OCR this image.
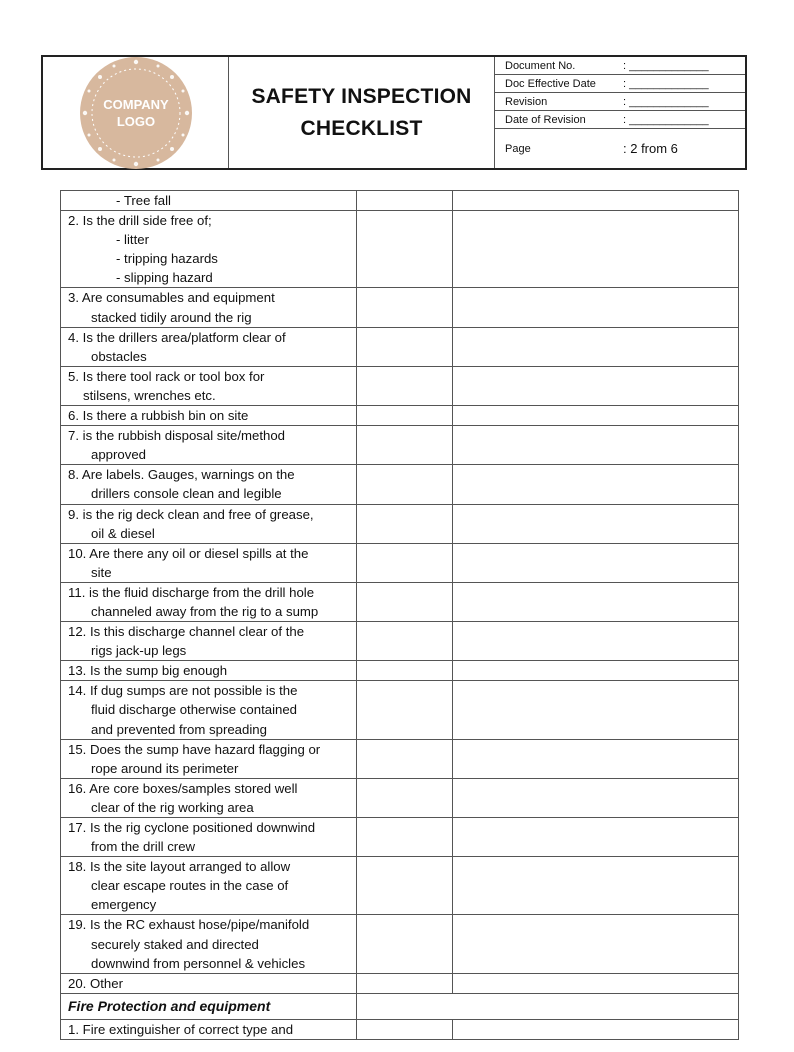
COMPANY
LOGO
SAFETY INSPECTION
CHECKLIST
Document No.	: _____________
Doc Effective Date	: _____________
Revision	: _____________
Date of Revision	: _____________
Page	: 2 from 6
- Tree fall		

2. Is the drill side free of;
- litter
- tripping hazards
- slipping hazard		

3. Are consumables and equipment
stacked tidily around the rig		

4. Is the drillers area/platform clear of
obstacles		

5. Is there tool rack or tool box for
stilsens, wrenches etc.		

6. Is there a rubbish bin on site		

7. is the rubbish disposal site/method
approved		

8. Are labels. Gauges, warnings on the
drillers console clean and legible		

9. is the rig deck clean and free of grease,
oil & diesel		

10. Are there any oil or diesel spills at the
site		

11. is the fluid discharge from the drill hole
channeled away from the rig to a sump		

12. Is this discharge channel clear of the
rigs jack-up legs		

13. Is the sump big enough		

14. If dug sumps are not possible is the
fluid discharge otherwise contained
and prevented from spreading		

15. Does the sump have hazard flagging or
rope around its perimeter		

16. Are core boxes/samples stored well
clear of the rig working area		

17. Is the rig cyclone positioned downwind
from the drill crew		

18. Is the site layout arranged to allow
clear escape routes in the case of
emergency		

19. Is the RC exhaust hose/pipe/manifold
securely staked and directed
downwind from personnel & vehicles		

20. Other		

Fire Protection and equipment		

1. Fire extinguisher of correct type and		
